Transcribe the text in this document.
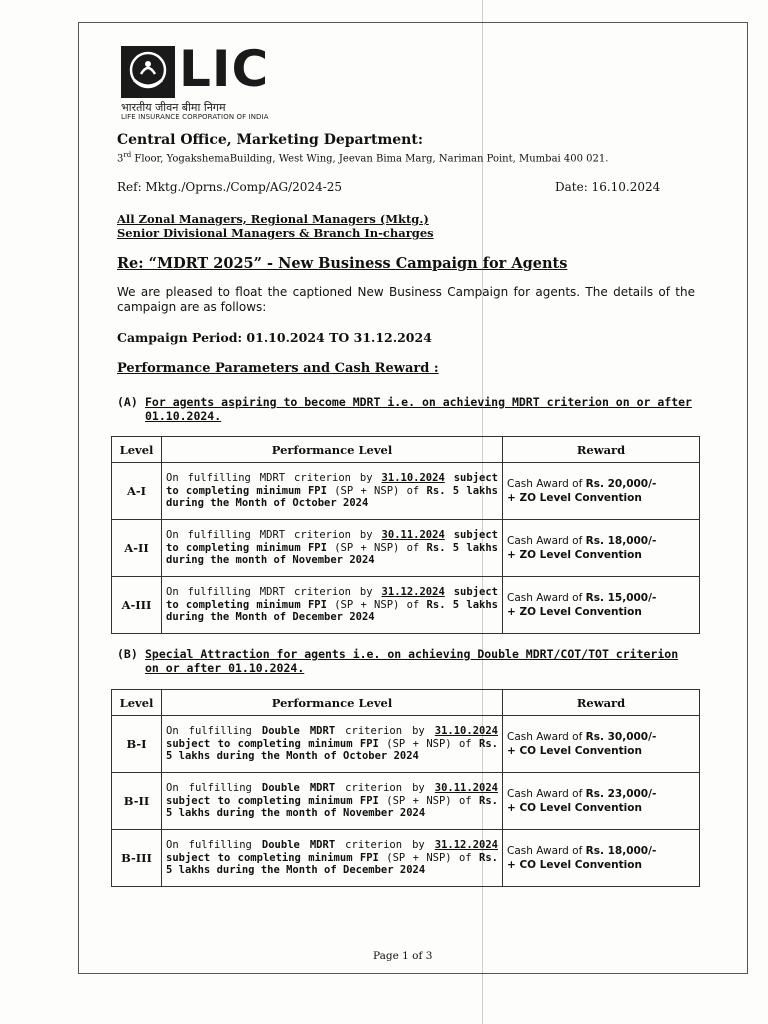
LIC
भारतीय जीवन बीमा निगम
LIFE INSURANCE CORPORATION OF INDIA
Central Office, Marketing Department:
3rd Floor, YogakshemaBuilding, West Wing, Jeevan Bima Marg, Nariman Point, Mumbai 400 021.
Ref: Mktg./Oprns./Comp/AG/2024-25	Date: 16.10.2024
All Zonal Managers, Regional Managers (Mktg.)
Senior Divisional Managers & Branch In-charges
Re: “MDRT 2025” - New Business Campaign for Agents
We are pleased to float the captioned New Business Campaign for agents. The details of the campaign are as follows:
Campaign Period: 01.10.2024 TO 31.12.2024
Performance Parameters and Cash Reward :
(A) For agents aspiring to become MDRT i.e. on achieving MDRT criterion on or after 01.10.2024.
Level	Performance Level	Reward
A-I	On fulfilling MDRT criterion by 31.10.2024 subject to completing minimum FPI (SP + NSP) of Rs. 5 lakhs during the Month of October 2024	Cash Award of Rs. 20,000/-
+ ZO Level Convention
A-II	On fulfilling MDRT criterion by 30.11.2024 subject to completing minimum FPI (SP + NSP) of Rs. 5 lakhs during the month of November 2024	Cash Award of Rs. 18,000/-
+ ZO Level Convention
A-III	On fulfilling MDRT criterion by 31.12.2024 subject to completing minimum FPI (SP + NSP) of Rs. 5 lakhs during the Month of December 2024	Cash Award of Rs. 15,000/-
+ ZO Level Convention
(B) Special Attraction for agents i.e. on achieving Double MDRT/COT/TOT criterion on or after 01.10.2024.
Level	Performance Level	Reward
B-I	On fulfilling Double MDRT criterion by 31.10.2024 subject to completing minimum FPI (SP + NSP) of Rs. 5 lakhs during the Month of October 2024	Cash Award of Rs. 30,000/-
+ CO Level Convention
B-II	On fulfilling Double MDRT criterion by 30.11.2024 subject to completing minimum FPI (SP + NSP) of Rs. 5 lakhs during the month of November 2024	Cash Award of Rs. 23,000/-
+ CO Level Convention
B-III	On fulfilling Double MDRT criterion by 31.12.2024 subject to completing minimum FPI (SP + NSP) of Rs. 5 lakhs during the Month of December 2024	Cash Award of Rs. 18,000/-
+ CO Level Convention
Page 1 of 3
